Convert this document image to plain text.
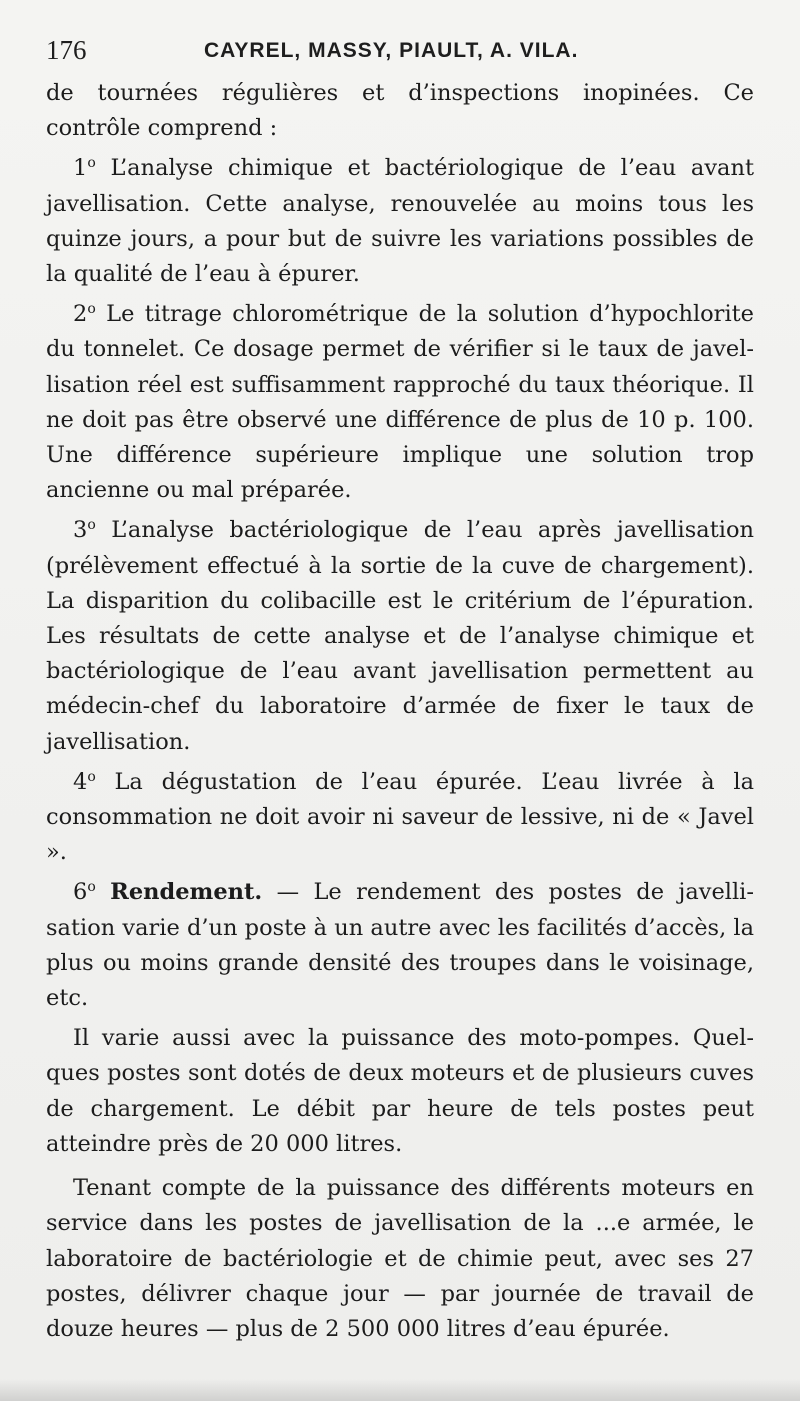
176	CAYREL, MASSY, PIAULT, A. VILA.

de tournées régulières et d’inspections inopinées. Ce contrôle comprend :

1$^o$ L’analyse chimique et bactériologique de l’eau avant javellisation. Cette analyse, renouvelée au moins tous les quinze jours, a pour but de suivre les variations possibles de la qualité de l’eau à épurer.

2$^o$ Le titrage chlorométrique de la solution d’hypochlorite du tonnelet. Ce dosage permet de vérifier si le taux de javellisation réel est suffisamment rapproché du taux théorique. Il ne doit pas être observé une différence de plus de 10 p. 100. Une différence supérieure implique une solution trop ancienne ou mal préparée.

3$^o$ L’analyse bactériologique de l’eau après javellisation (prélèvement effectué à la sortie de la cuve de chargement). La disparition du colibacille est le critérium de l’épuration. Les résultats de cette analyse et de l’analyse chimique et bactériologique de l’eau avant javellisation permettent au médecin-chef du laboratoire d’armée de fixer le taux de javellisation.

4$^o$ La dégustation de l’eau épurée. L’eau livrée à la consommation ne doit avoir ni saveur de lessive, ni de « Javel ».

6$^o$ Rendement. — Le rendement des postes de javellisation varie d’un poste à un autre avec les facilités d’accès, la plus ou moins grande densité des troupes dans le voisinage, etc.

Il varie aussi avec la puissance des moto-pompes. Quelques postes sont dotés de deux moteurs et de plusieurs cuves de chargement. Le débit par heure de tels postes peut atteindre près de 20 000 litres.

Tenant compte de la puissance des différents moteurs en service dans les postes de javellisation de la ...e armée, le laboratoire de bactériologie et de chimie peut, avec ses 27 postes, délivrer chaque jour — par journée de travail de douze heures — plus de 2 500 000 litres d’eau épurée.
